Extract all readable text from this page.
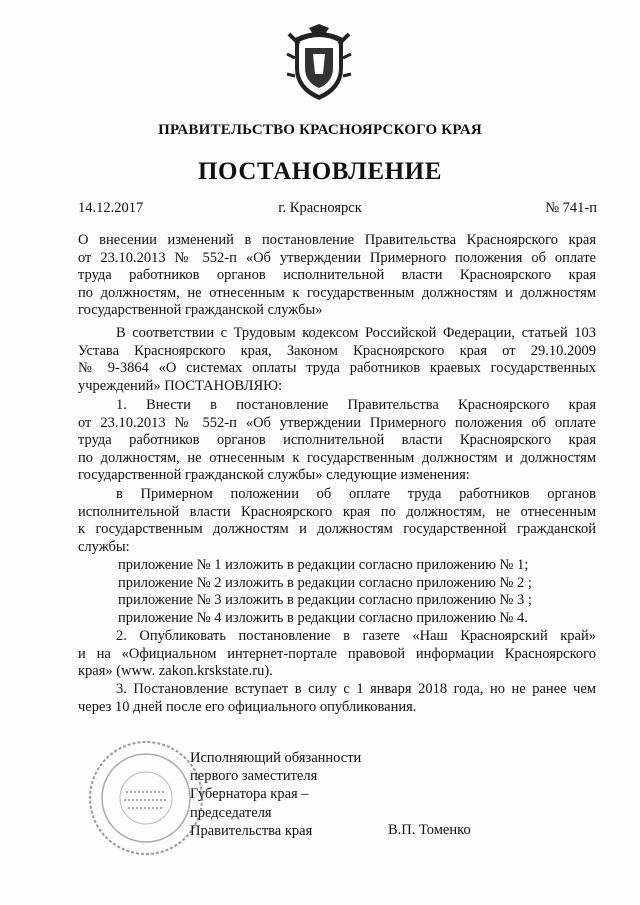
ПРАВИТЕЛЬСТВО КРАСНОЯРСКОГО КРАЯ
ПОСТАНОВЛЕНИЕ
14.12.2017	г. Красноярск	№ 741-п
О внесении изменений в постановление Правительства Красноярского края
от 23.10.2013 № 552-п «Об утверждении Примерного положения об оплате
труда работников органов исполнительной власти Красноярского края
по должностям, не отнесенным к государственным должностям и должностям
государственной гражданской службы»
В соответствии с Трудовым кодексом Российской Федерации, статьей 103
Устава Красноярского края, Законом Красноярского края от 29.10.2009
№ 9-3864 «О системах оплаты труда работников краевых государственных
учреждений» ПОСТАНОВЛЯЮ:
1. Внести в постановление Правительства Красноярского края
от 23.10.2013 № 552-п «Об утверждении Примерного положения об оплате
труда работников органов исполнительной власти Красноярского края
по должностям, не отнесенным к государственным должностям и должностям
государственной гражданской службы» следующие изменения:
в Примерном положении об оплате труда работников органов
исполнительной власти Красноярского края по должностям, не отнесенным
к государственным должностям и должностям государственной гражданской
службы:
приложение № 1 изложить в редакции согласно приложению № 1;
приложение № 2 изложить в редакции согласно приложению № 2 ;
приложение № 3 изложить в редакции согласно приложению № 3 ;
приложение № 4 изложить в редакции согласно приложению № 4.
2. Опубликовать постановление в газете «Наш Красноярский край»
и на «Официальном интернет-портале правовой информации Красноярского
края» (www. zakon.krskstate.ru).
3. Постановление вступает в силу с 1 января 2018 года, но не ранее чем
через 10 дней после его официального опубликования.
Исполняющий обязанности
первого заместителя
Губернатора края –
председателя
Правительства края	В.П. Томенко
